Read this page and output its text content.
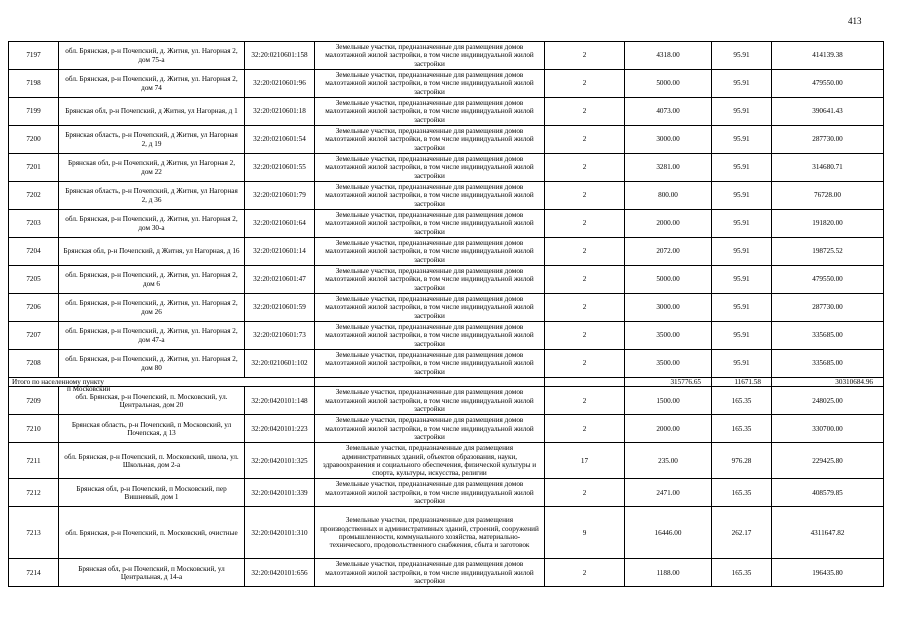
413
7197	обл. Брянская, р-н Почепский, д. Житня, ул. Нагорная 2, дом 75-а	32:20:0210601:158	Земельные участки, предназначенные для размещения домов малоэтажной жилой застройки, в том числе индивидуальной жилой застройки	2	4318.00	95.91	414139.38
7198	обл. Брянская, р-н Почепский, д. Житня, ул. Нагорная 2, дом 74	32:20:0210601:96	Земельные участки, предназначенные для размещения домов малоэтажной жилой застройки, в том числе индивидуальной жилой застройки	2	5000.00	95.91	479550.00
7199	Брянская обл, р-н Почепский, д Житня, ул Нагорная, д 1	32:20:0210601:18	Земельные участки, предназначенные для размещения домов малоэтажной жилой застройки, в том числе индивидуальной жилой застройки	2	4073.00	95.91	390641.43
7200	Брянская область, р-н Почепский, д Житня, ул Нагорная 2, д 19	32:20:0210601:54	Земельные участки, предназначенные для размещения домов малоэтажной жилой застройки, в том числе индивидуальной жилой застройки	2	3000.00	95.91	287730.00
7201	Брянская обл, р-н Почепский, д Житня, ул Нагорная 2, дом 22	32:20:0210601:55	Земельные участки, предназначенные для размещения домов малоэтажной жилой застройки, в том числе индивидуальной жилой застройки	2	3281.00	95.91	314680.71
7202	Брянская область, р-н Почепский, д Житня, ул Нагорная 2, д 36	32:20:0210601:79	Земельные участки, предназначенные для размещения домов малоэтажной жилой застройки, в том числе индивидуальной жилой застройки	2	800.00	95.91	76728.00
7203	обл. Брянская, р-н Почепский, д. Житня, ул. Нагорная 2, дом 30-а	32:20:0210601:64	Земельные участки, предназначенные для размещения домов малоэтажной жилой застройки, в том числе индивидуальной жилой застройки	2	2000.00	95.91	191820.00
7204	Брянская обл, р-н Почепский, д Житня, ул Нагорная, д 16	32:20:0210601:14	Земельные участки, предназначенные для размещения домов малоэтажной жилой застройки, в том числе индивидуальной жилой застройки	2	2072.00	95.91	198725.52
7205	обл. Брянская, р-н Почепский, д. Житня, ул. Нагорная 2, дом 6	32:20:0210601:47	Земельные участки, предназначенные для размещения домов малоэтажной жилой застройки, в том числе индивидуальной жилой застройки	2	5000.00	95.91	479550.00
7206	обл. Брянская, р-н Почепский, д. Житня, ул. Нагорная 2, дом 26	32:20:0210601:59	Земельные участки, предназначенные для размещения домов малоэтажной жилой застройки, в том числе индивидуальной жилой застройки	2	3000.00	95.91	287730.00
7207	обл. Брянская, р-н Почепский, д. Житня, ул. Нагорная 2, дом 47-а	32:20:0210601:73	Земельные участки, предназначенные для размещения домов малоэтажной жилой застройки, в том числе индивидуальной жилой застройки	2	3500.00	95.91	335685.00
7208	обл. Брянская, р-н Почепский, д. Житня, ул. Нагорная 2, дом 80	32:20:0210601:102	Земельные участки, предназначенные для размещения домов малоэтажной жилой застройки, в том числе индивидуальной жилой застройки	2	3500.00	95.91	335685.00
Итого по населенному пункту					315776.65	11671.58	30310684.96

п Московский
7209	обл. Брянская, р-н Почепский, п. Московский, ул. Центральная, дом 20	32:20:0420101:148	Земельные участки, предназначенные для размещения домов малоэтажной жилой застройки, в том числе индивидуальной жилой застройки	2	1500.00	165.35	248025.00
7210	Брянская область, р-н Почепский, п Московский, ул Почепская, д 13	32:20:0420101:223	Земельные участки, предназначенные для размещения домов малоэтажной жилой застройки, в том числе индивидуальной жилой застройки	2	2000.00	165.35	330700.00
7211	обл. Брянская, р-н Почепский, п. Московский, школа, ул. Школьная, дом 2-а	32:20:0420101:325	Земельные участки, предназначенные для размещения административных зданий, объектов образования, науки, здравоохранения и социального обеспечения, физической культуры и спорта, культуры, искусства, религии	17	235.00	976.28	229425.80
7212	Брянская обл, р-н Почепский, п Московский, пер Вишневый, дом 1	32:20:0420101:339	Земельные участки, предназначенные для размещения домов малоэтажной жилой застройки, в том числе индивидуальной жилой застройки	2	2471.00	165.35	408579.85
7213	обл. Брянская, р-н Почепский, п. Московский, очистные	32:20:0420101:310	Земельные участки, предназначенные для размещения производственных и административных зданий, строений, сооружений промышленности, коммунального хозяйства, материально-технического, продовольственного снабжения, сбыта и заготовок	9	16446.00	262.17	4311647.82
7214	Брянская обл, р-н Почепский, п Московский, ул Центральная, д 14-а	32:20:0420101:656	Земельные участки, предназначенные для размещения домов малоэтажной жилой застройки, в том числе индивидуальной жилой застройки	2	1188.00	165.35	196435.80
